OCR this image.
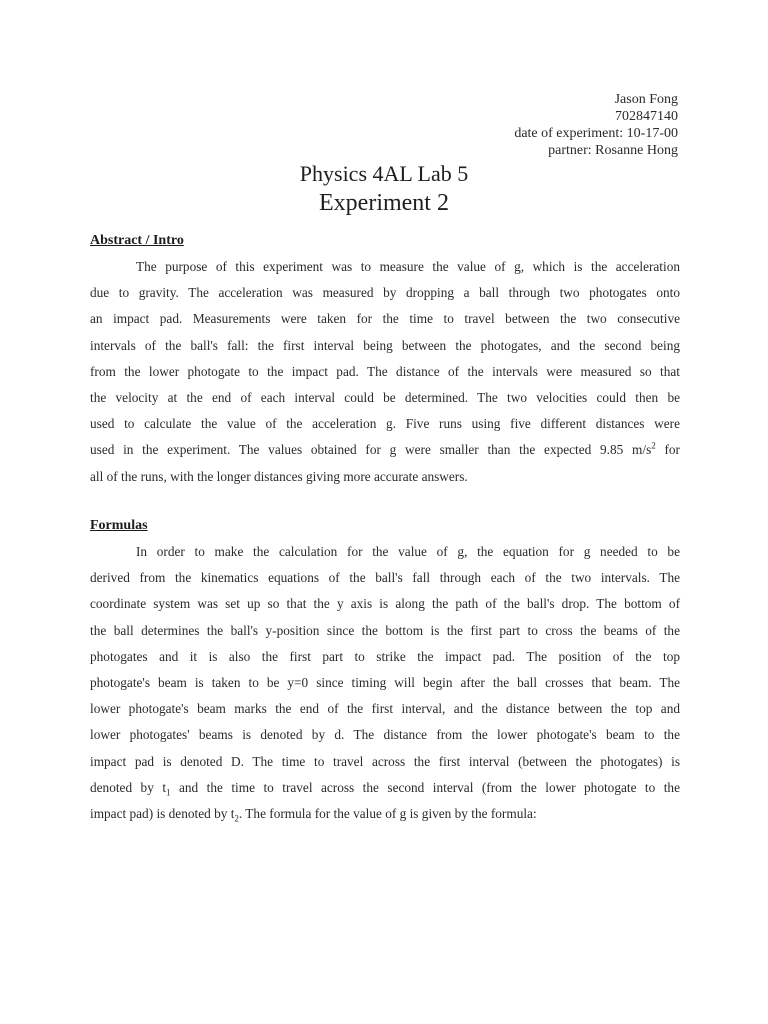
Jason Fong
702847140
date of experiment: 10-17-00
partner: Rosanne Hong
Physics 4AL Lab 5
Experiment 2
Abstract / Intro
The purpose of this experiment was to measure the value of g, which is the acceleration
due to gravity. The acceleration was measured by dropping a ball through two photogates onto
an impact pad. Measurements were taken for the time to travel between the two consecutive
intervals of the ball's fall: the first interval being between the photogates, and the second being
from the lower photogate to the impact pad. The distance of the intervals were measured so that
the velocity at the end of each interval could be determined. The two velocities could then be
used to calculate the value of the acceleration g. Five runs using five different distances were
used in the experiment. The values obtained for g were smaller than the expected 9.85 $m/s^2$ for
all of the runs, with the longer distances giving more accurate answers.
Formulas
In order to make the calculation for the value of g, the equation for g needed to be
derived from the kinematics equations of the ball's fall through each of the two intervals. The
coordinate system was set up so that the y axis is along the path of the ball's drop. The bottom of
the ball determines the ball's y-position since the bottom is the first part to cross the beams of the
photogates and it is also the first part to strike the impact pad. The position of the top
photogate's beam is taken to be y=0 since timing will begin after the ball crosses that beam. The
lower photogate's beam marks the end of the first interval, and the distance between the top and
lower photogates' beams is denoted by d. The distance from the lower photogate's beam to the
impact pad is denoted D. The time to travel across the first interval (between the photogates) is
denoted by $t_1$ and the time to travel across the second interval (from the lower photogate to the
impact pad) is denoted by $t_2$. The formula for the value of g is given by the formula:
